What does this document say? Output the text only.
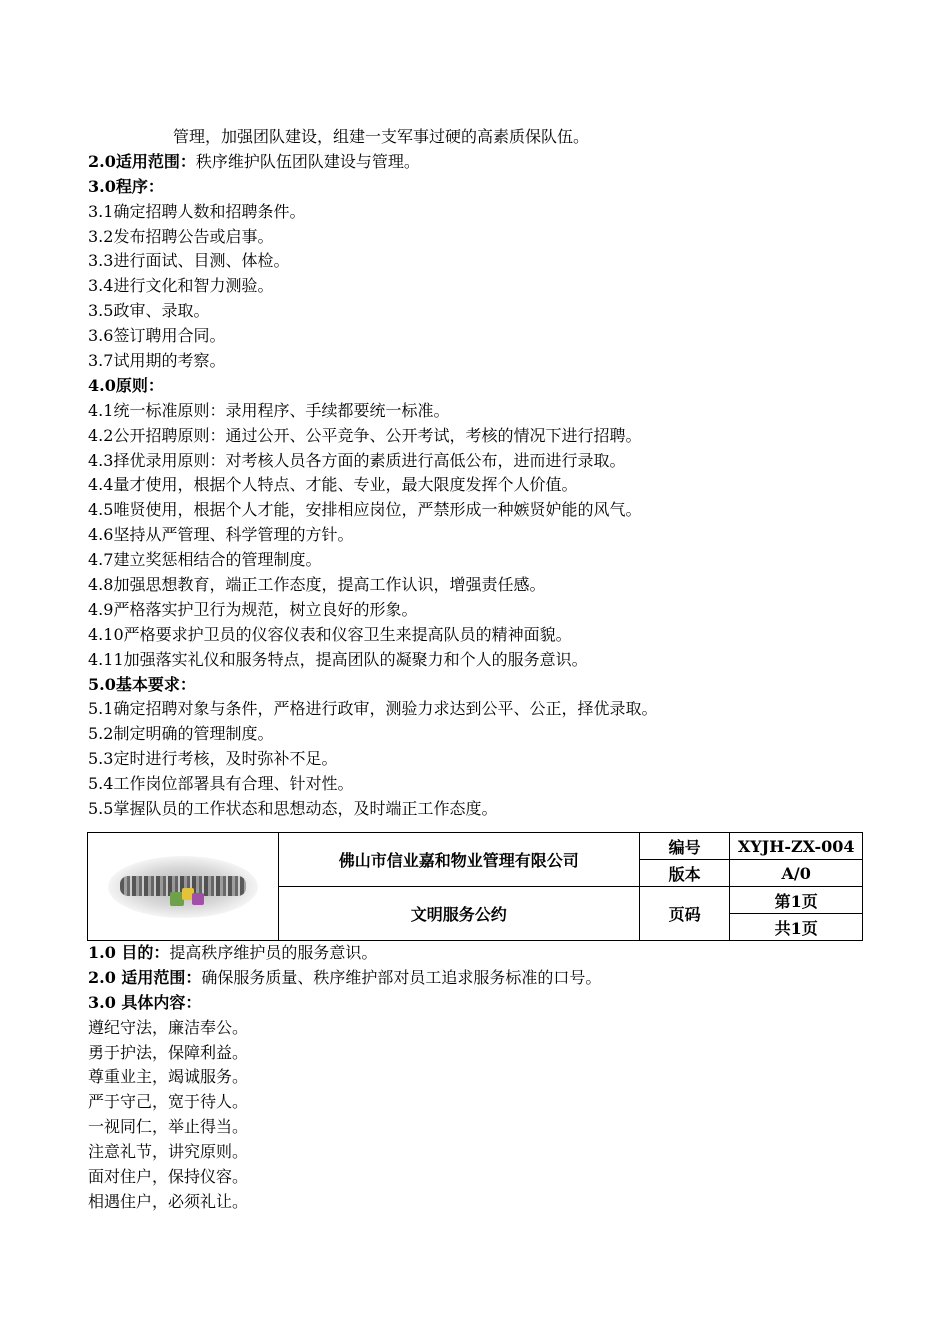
管理，加强团队建设，组建一支军事过硬的高素质保队伍。
2.0适用范围：秩序维护队伍团队建设与管理。
3.0程序：
3.1确定招聘人数和招聘条件。
3.2发布招聘公告或启事。
3.3进行面试、目测、体检。
3.4进行文化和智力测验。
3.5政审、录取。
3.6签订聘用合同。
3.7试用期的考察。
4.0原则：
4.1统一标准原则：录用程序、手续都要统一标准。
4.2公开招聘原则：通过公开、公平竞争、公开考试，考核的情况下进行招聘。
4.3择优录用原则：对考核人员各方面的素质进行高低公布，进而进行录取。
4.4量才使用，根据个人特点、才能、专业，最大限度发挥个人价值。
4.5唯贤使用，根据个人才能，安排相应岗位，严禁形成一种嫉贤妒能的风气。
4.6坚持从严管理、科学管理的方针。
4.7建立奖惩相结合的管理制度。
4.8加强思想教育，端正工作态度，提高工作认识，增强责任感。
4.9严格落实护卫行为规范，树立良好的形象。
4.10严格要求护卫员的仪容仪表和仪容卫生来提高队员的精神面貌。
4.11加强落实礼仪和服务特点，提高团队的凝聚力和个人的服务意识。
5.0基本要求：
5.1确定招聘对象与条件，严格进行政审，测验力求达到公平、公正，择优录取。
5.2制定明确的管理制度。
5.3定时进行考核，及时弥补不足。
5.4工作岗位部署具有合理、针对性。
5.5掌握队员的工作状态和思想动态，及时端正工作态度。
	佛山市信业嘉和物业管理有限公司	编号	XYJH-ZX-004
		版本	A/0
	文明服务公约	页码	第1页
			共1页
1.0 目的：提高秩序维护员的服务意识。
2.0 适用范围：确保服务质量、秩序维护部对员工追求服务标准的口号。
3.0 具体内容：
遵纪守法，廉洁奉公。
勇于护法，保障利益。
尊重业主，竭诚服务。
严于守己，宽于待人。
一视同仁，举止得当。
注意礼节，讲究原则。
面对住户，保持仪容。
相遇住户，必须礼让。
